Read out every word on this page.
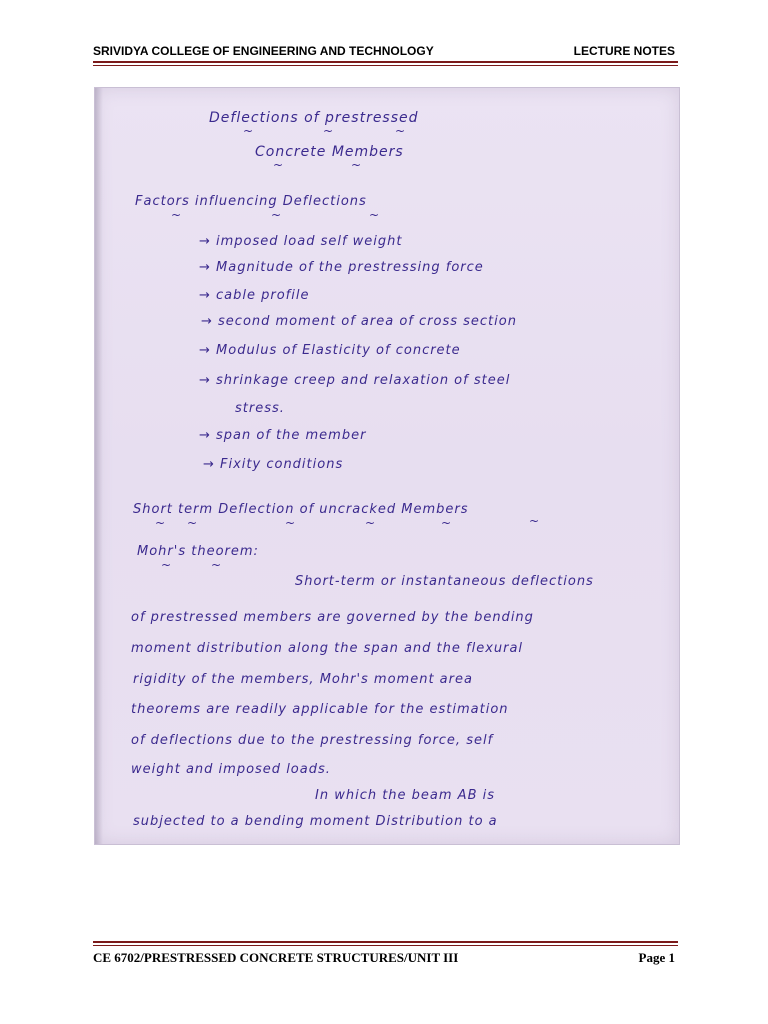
SRIVIDYA COLLEGE OF ENGINEERING AND TECHNOLOGY	LECTURE NOTES
Deflections of prestressed
~	~	~
Concrete Members
~	~
Factors influencing Deflections
~	~	~
→ imposed load self weight
→ Magnitude of the prestressing force
→ cable profile
→ second moment of area of cross section
→ Modulus of Elasticity of concrete
→ shrinkage creep and relaxation of steel
stress.
→ span of the member
→ Fixity conditions
Short term Deflection of uncracked Members
~ ~	~	~	~	~
Mohr's theorem:
~	~
Short-term or instantaneous deflections
of prestressed members are governed by the bending
moment distribution along the span and the flexural
rigidity of the members, Mohr's moment area
theorems are readily applicable for the estimation
of deflections due to the prestressing force, self
weight and imposed loads.
In which the beam AB is
subjected to a bending moment Distribution to a
CE 6702/PRESTRESSED CONCRETE STRUCTURES/UNIT III	Page 1
